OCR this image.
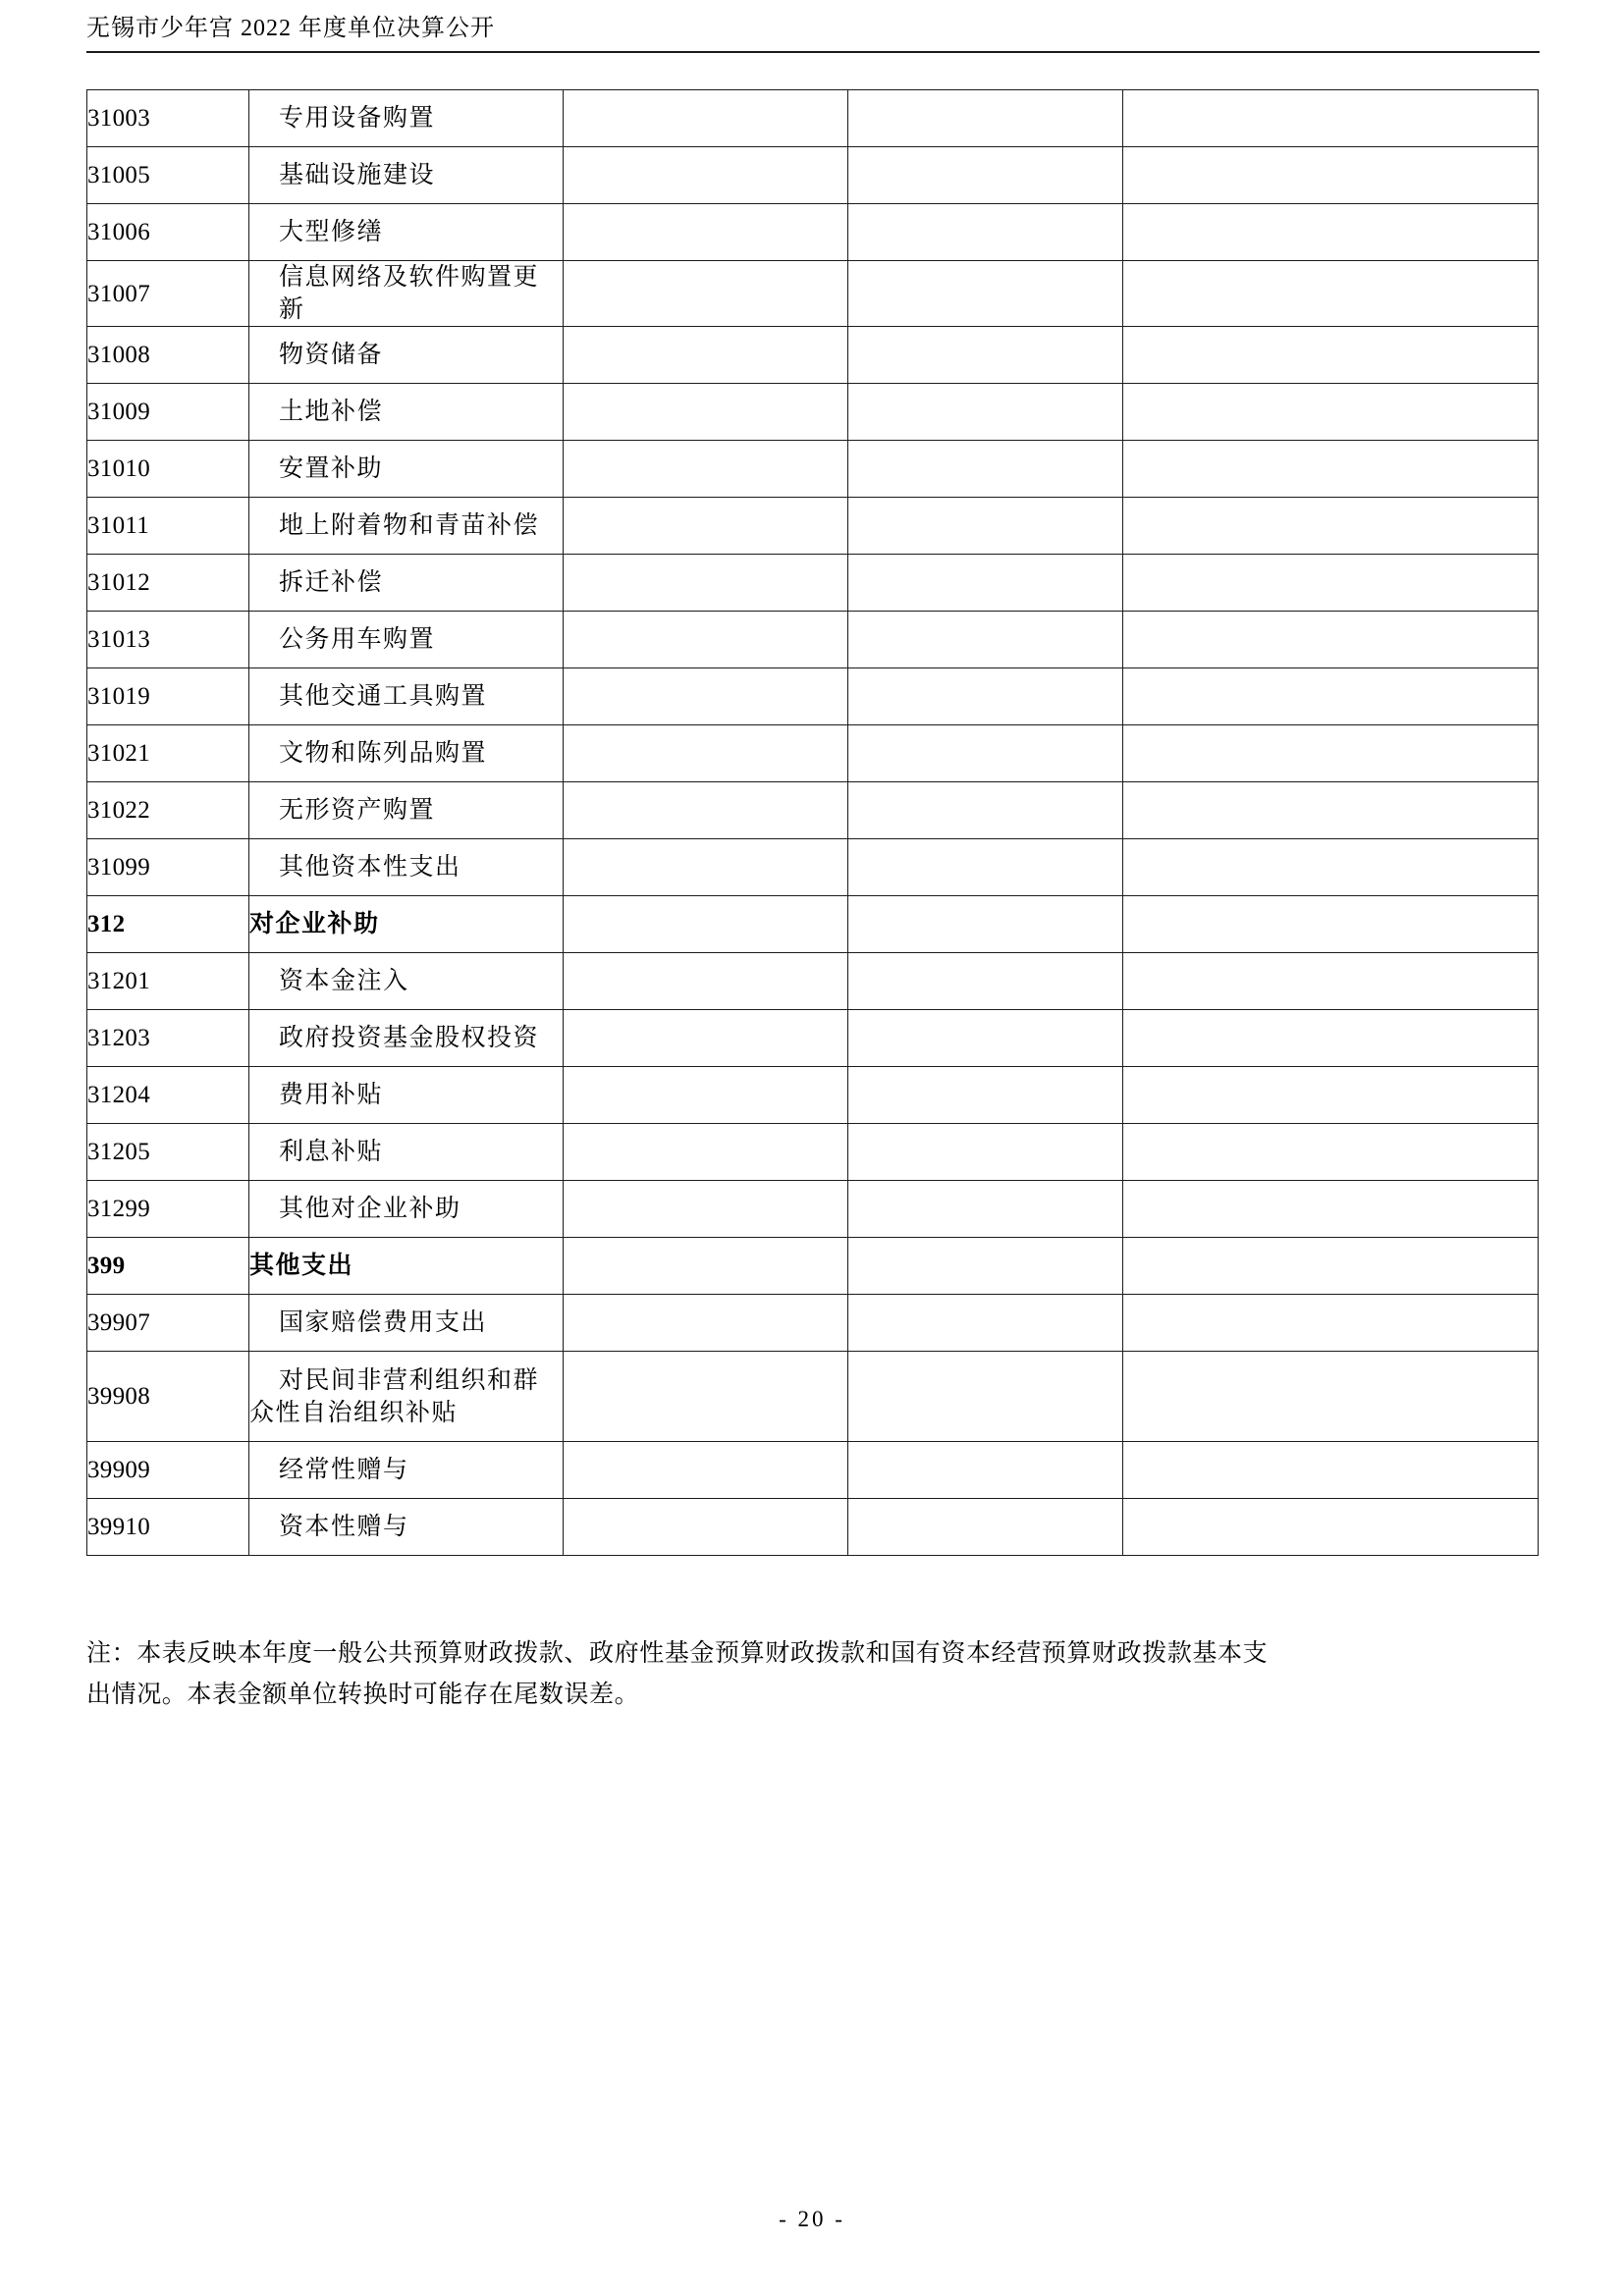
无锡市少年宫 2022 年度单位决算公开
31003	专用设备购置			
31005	基础设施建设			
31006	大型修缮			
31007	信息网络及软件购置更新			
31008	物资储备			
31009	土地补偿			
31010	安置补助			
31011	地上附着物和青苗补偿			
31012	拆迁补偿			
31013	公务用车购置			
31019	其他交通工具购置			
31021	文物和陈列品购置			
31022	无形资产购置			
31099	其他资本性支出			
312	对企业补助			
31201	资本金注入			
31203	政府投资基金股权投资			
31204	费用补贴			
31205	利息补贴			
31299	其他对企业补助			
399	其他支出			
39907	国家赔偿费用支出			
39908	对民间非营利组织和群众性自治组织补贴			

39909	经常性赠与			
39910	资本性赠与			

注：本表反映本年度一般公共预算财政拨款、政府性基金预算财政拨款和国有资本经营预算财政拨款基本支

出情况。本表金额单位转换时可能存在尾数误差。

- 20 -
